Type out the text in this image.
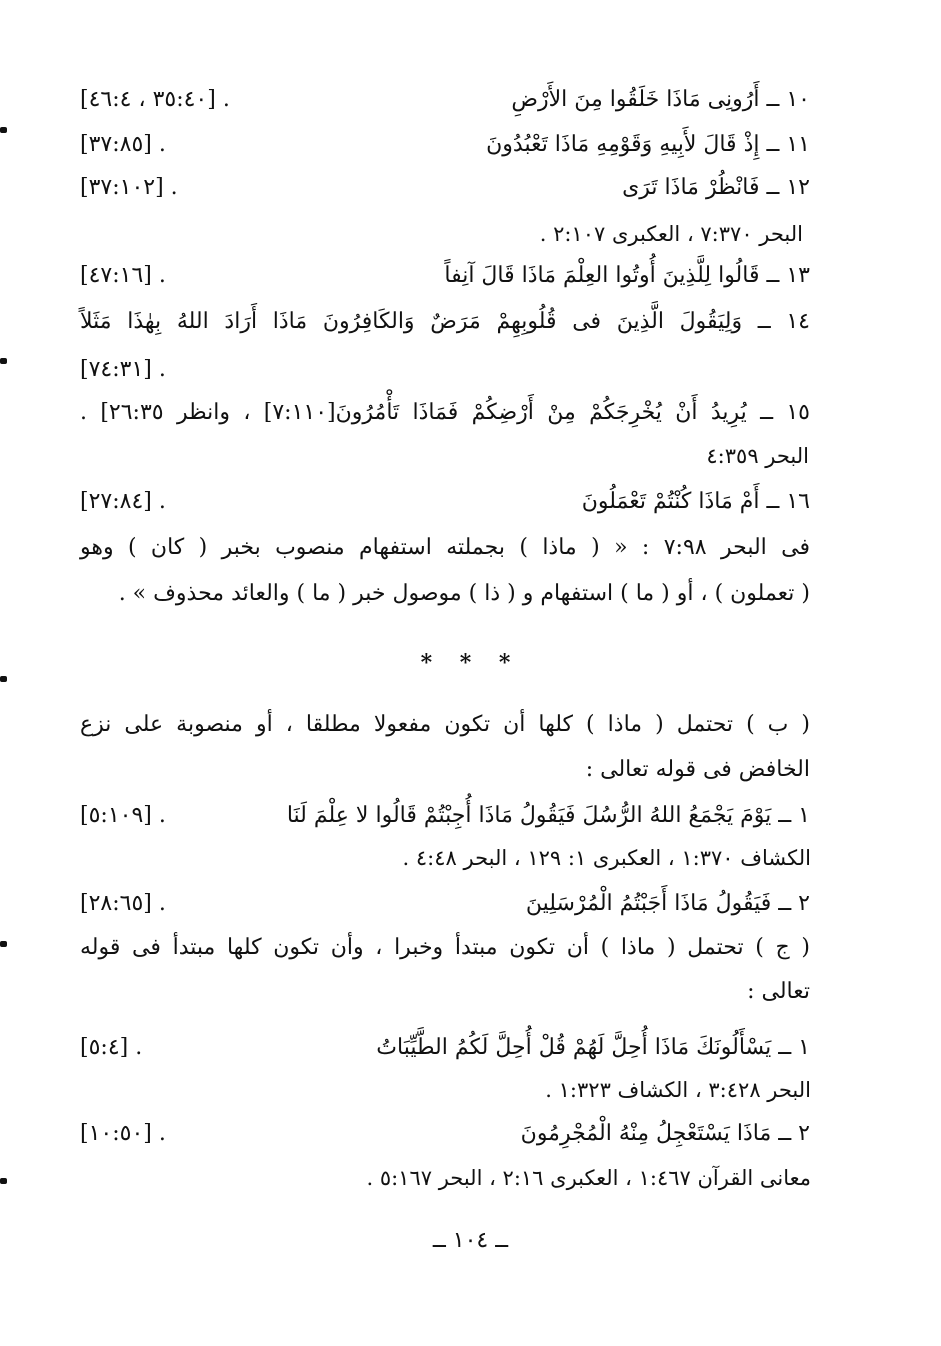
١٠ ــ أَرُونِى مَاذَا خَلَقُوا مِنَ الأَرْضِ
[٣٥:٤٠ ، ٤٦:٤] .
١١ ــ إِذْ قَالَ لأَبِيهِ وَقَوْمِهِ مَاذَا تَعْبُدُونَ
[٣٧:٨٥] .
١٢ ــ فَانْظُرْ مَاذَا تَرَى
[٣٧:١٠٢] .
البحر ٧:٣٧٠ ، العكبرى ٢:١٠٧ .
١٣ ــ قَالُوا لِلَّذِينَ أُوتُوا العِلْمَ مَاذَا قَالَ آنِفاً
[٤٧:١٦] .
١٤ ــ وَلِيَقُولَ الَّذِينَ فى قُلُوبِهِمْ مَرَضٌ وَالكَافِرُونَ مَاذَا أَرَادَ اللهُ بِهٰذَا مَثَلاً
[٧٤:٣١] .
١٥ ــ يُرِيدُ أَنْ يُخْرِجَكُمْ مِنْ أَرْضِكُمْ فَمَاذَا تَأْمُرُونَ[٧:١١٠] ، وانظر ٢٦:٣٥] .
البحر ٤:٣٥٩
١٦ ــ أَمْ مَاذَا كُنْتُمْ تَعْمَلُونَ
[٢٧:٨٤] .
فى البحر ٧:٩٨ : « ( ماذا ) بجملته استفهام منصوب بخبر ( كان ) وهو
( تعملون ) ، أو ( ما ) استفهام و ( ذا ) موصول خبر ( ما ) والعائد محذوف » .
* * *
( ب ) تحتمل ( ماذا ) كلها أن تكون مفعولا مطلقا ، أو منصوبة على نزع
الخافض فى قوله تعالى :
١ ــ يَوْمَ يَجْمَعُ اللهُ الرُّسُلَ فَيَقُولُ مَاذَا أُجِبْتُمْ قَالُوا لا عِلْمَ لَنَا
[٥:١٠٩] .
الكشاف ١:٣٧٠ ، العكبرى ١: ١٢٩ ، البحر ٤:٤٨ .
٢ ــ فَيَقُولُ مَاذَا أَجَبْتُمُ الْمُرْسَلِينَ
[٢٨:٦٥] .
( ج ) تحتمل ( ماذا ) أن تكون مبتدأ وخبرا ، وأن تكون كلها مبتدأ فى قوله
تعالى :
١ ــ يَسْأَلُونَكَ مَاذَا أُحِلَّ لَهُمْ قُلْ أُحِلَّ لَكُمُ الطَّيِّبَاتُ
[٥:٤] .
البحر ٣:٤٢٨ ، الكشاف ١:٣٢٣ .
٢ ــ مَاذَا يَسْتَعْجِلُ مِنْهُ الْمُجْرِمُونَ
[١٠:٥٠] .
معانى القرآن ١:٤٦٧ ، العكبرى ٢:١٦ ، البحر ٥:١٦٧ .
ــ ١٠٤ ــ
